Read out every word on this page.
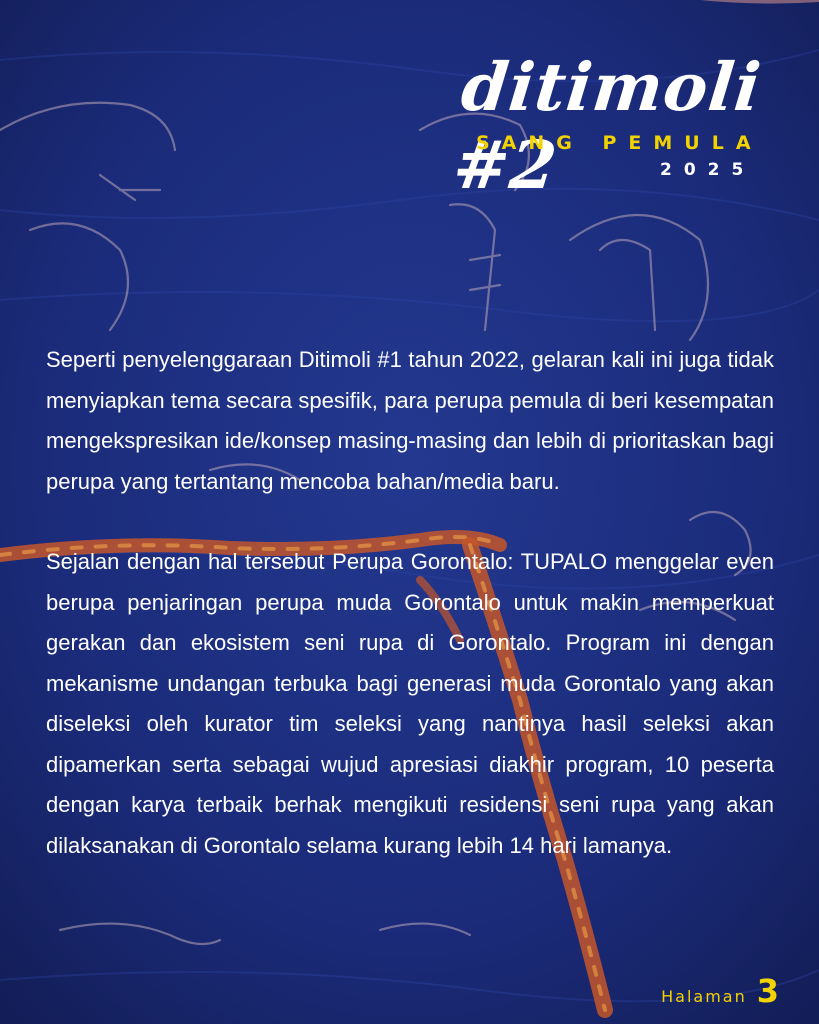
ditimoli #2
SANG PEMULA
2025

Seperti penyelenggaraan Ditimoli #1 tahun 2022, gelaran kali ini juga tidak menyiapkan tema secara spesifik, para perupa pemula di beri kesempatan mengekspresikan ide/konsep masing-masing dan lebih di prioritaskan bagi perupa yang tertantang mencoba bahan/media baru.

Sejalan dengan hal tersebut Perupa Gorontalo: TUPALO menggelar even berupa penjaringan perupa muda Gorontalo untuk makin memperkuat gerakan dan ekosistem seni rupa di Gorontalo. Program ini dengan mekanisme undangan terbuka bagi generasi muda Gorontalo yang akan diseleksi oleh kurator tim seleksi yang nantinya hasil seleksi akan dipamerkan serta sebagai wujud apresiasi diakhir program, 10 peserta dengan karya terbaik berhak mengikuti residensi seni rupa yang akan dilaksanakan di Gorontalo selama kurang lebih 14 hari lamanya.

Halaman 3
